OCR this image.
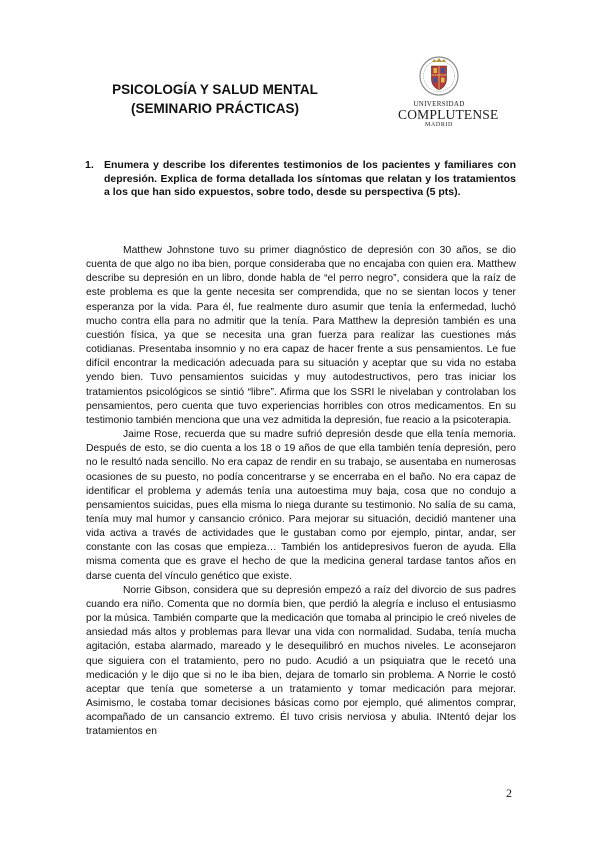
PSICOLOGÍA Y SALUD MENTAL
(SEMINARIO PRÁCTICAS)	UNIVERSIDAD
COMPLUTENSE
MADRID
1. Enumera y describe los diferentes testimonios de los pacientes y familiares con depresión. Explica de forma detallada los síntomas que relatan y los tratamientos a los que han sido expuestos, sobre todo, desde su perspectiva (5 pts).

Matthew Johnstone tuvo su primer diagnóstico de depresión con 30 años, se dio cuenta de que algo no iba bien, porque consideraba que no encajaba con quien era. Matthew describe su depresión en un libro, donde habla de “el perro negro”, considera que la raíz de este problema es que la gente necesita ser comprendida, que no se sientan locos y tener esperanza por la vida. Para él, fue realmente duro asumir que tenía la enfermedad, luchó mucho contra ella para no admitir que la tenía. Para Matthew la depresión también es una cuestión física, ya que se necesita una gran fuerza para realizar las cuestiones más cotidianas. Presentaba insomnio y no era capaz de hacer frente a sus pensamientos. Le fue difícil encontrar la medicación adecuada para su situación y aceptar que su vida no estaba yendo bien. Tuvo pensamientos suicidas y muy autodestructivos, pero tras iniciar los tratamientos psicológicos se sintió “libre”. Afirma que los SSRI le nivelaban y controlaban los pensamientos, pero cuenta que tuvo experiencias horribles con otros medicamentos. En su testimonio también menciona que una vez admitida la depresión, fue reacio a la psicoterapia.

Jaime Rose, recuerda que su madre sufrió depresión desde que ella tenía memoria. Después de esto, se dio cuenta a los 18 o 19 años de que ella también tenía depresión, pero no le resultó nada sencillo. No era capaz de rendir en su trabajo, se ausentaba en numerosas ocasiones de su puesto, no podía concentrarse y se encerraba en el baño. No era capaz de identificar el problema y además tenía una autoestima muy baja, cosa que no condujo a pensamientos suicidas, pues ella misma lo niega durante su testimonio. No salía de su cama, tenía muy mal humor y cansancio crónico. Para mejorar su situación, decidió mantener una vida activa a través de actividades que le gustaban como por ejemplo, pintar, andar, ser constante con las cosas que empieza… También los antidepresivos fueron de ayuda. Ella misma comenta que es grave el hecho de que la medicina general tardase tantos años en darse cuenta del vínculo genético que existe.

Norrie Gibson, considera que su depresión empezó a raíz del divorcio de sus padres cuando era niño. Comenta que no dormía bien, que perdió la alegría e incluso el entusiasmo por la música. También comparte que la medicación que tomaba al principio le creó niveles de ansiedad más altos y problemas para llevar una vida con normalidad. Sudaba, tenía mucha agitación, estaba alarmado, mareado y le desequilibró en muchos niveles. Le aconsejaron que siguiera con el tratamiento, pero no pudo. Acudió a un psiquiatra que le recetó una medicación y le dijo que si no le iba bien, dejara de tomarlo sin problema. A Norrie le costó aceptar que tenía que someterse a un tratamiento y tomar medicación para mejorar. Asimismo, le costaba tomar decisiones básicas como por ejemplo, qué alimentos comprar, acompañado de un cansancio extremo. Él tuvo crisis nerviosa y abulia. INtentó dejar los tratamientos en

2
